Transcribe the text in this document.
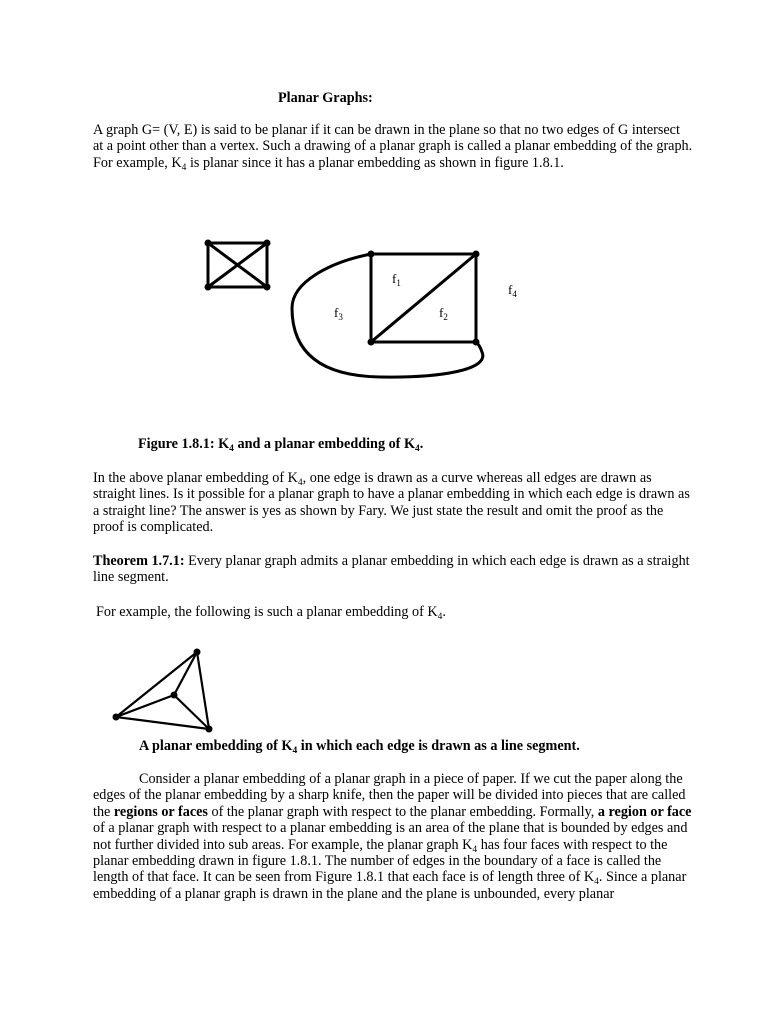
Planar Graphs:

A graph G= (V, E) is said to be planar if it can be drawn in the plane so that no two edges of G intersect at a point other than a vertex. Such a drawing of a planar graph is called a planar embedding of the graph. For example, $K_4$ is planar since it has a planar embedding as shown in figure 1.8.1.

$f_1$
$f_2$
$f_3$
$f_4$
Figure 1.8.1: $K_4$ and a planar embedding of $K_4$.

In the above planar embedding of $K_4$, one edge is drawn as a curve whereas all edges are drawn as straight lines. Is it possible for a planar graph to have a planar embedding in which each edge is drawn as a straight line? The answer is yes as shown by Fary. We just state the result and omit the proof as the proof is complicated.

Theorem 1.7.1: Every planar graph admits a planar embedding in which each edge is drawn as a straight line segment.

For example, the following is such a planar embedding of $K_4$.

A planar embedding of $K_4$ in which each edge is drawn as a line segment.

Consider a planar embedding of a planar graph in a piece of paper. If we cut the paper along the edges of the planar embedding by a sharp knife, then the paper will be divided into pieces that are called the regions or faces of the planar graph with respect to the planar embedding. Formally, a region or face of a planar graph with respect to a planar embedding is an area of the plane that is bounded by edges and not further divided into sub areas. For example, the planar graph $K_4$ has four faces with respect to the planar embedding drawn in figure 1.8.1. The number of edges in the boundary of a face is called the length of that face. It can be seen from Figure 1.8.1 that each face is of length three of $K_4$. Since a planar embedding of a planar graph is drawn in the plane and the plane is unbounded, every planar
